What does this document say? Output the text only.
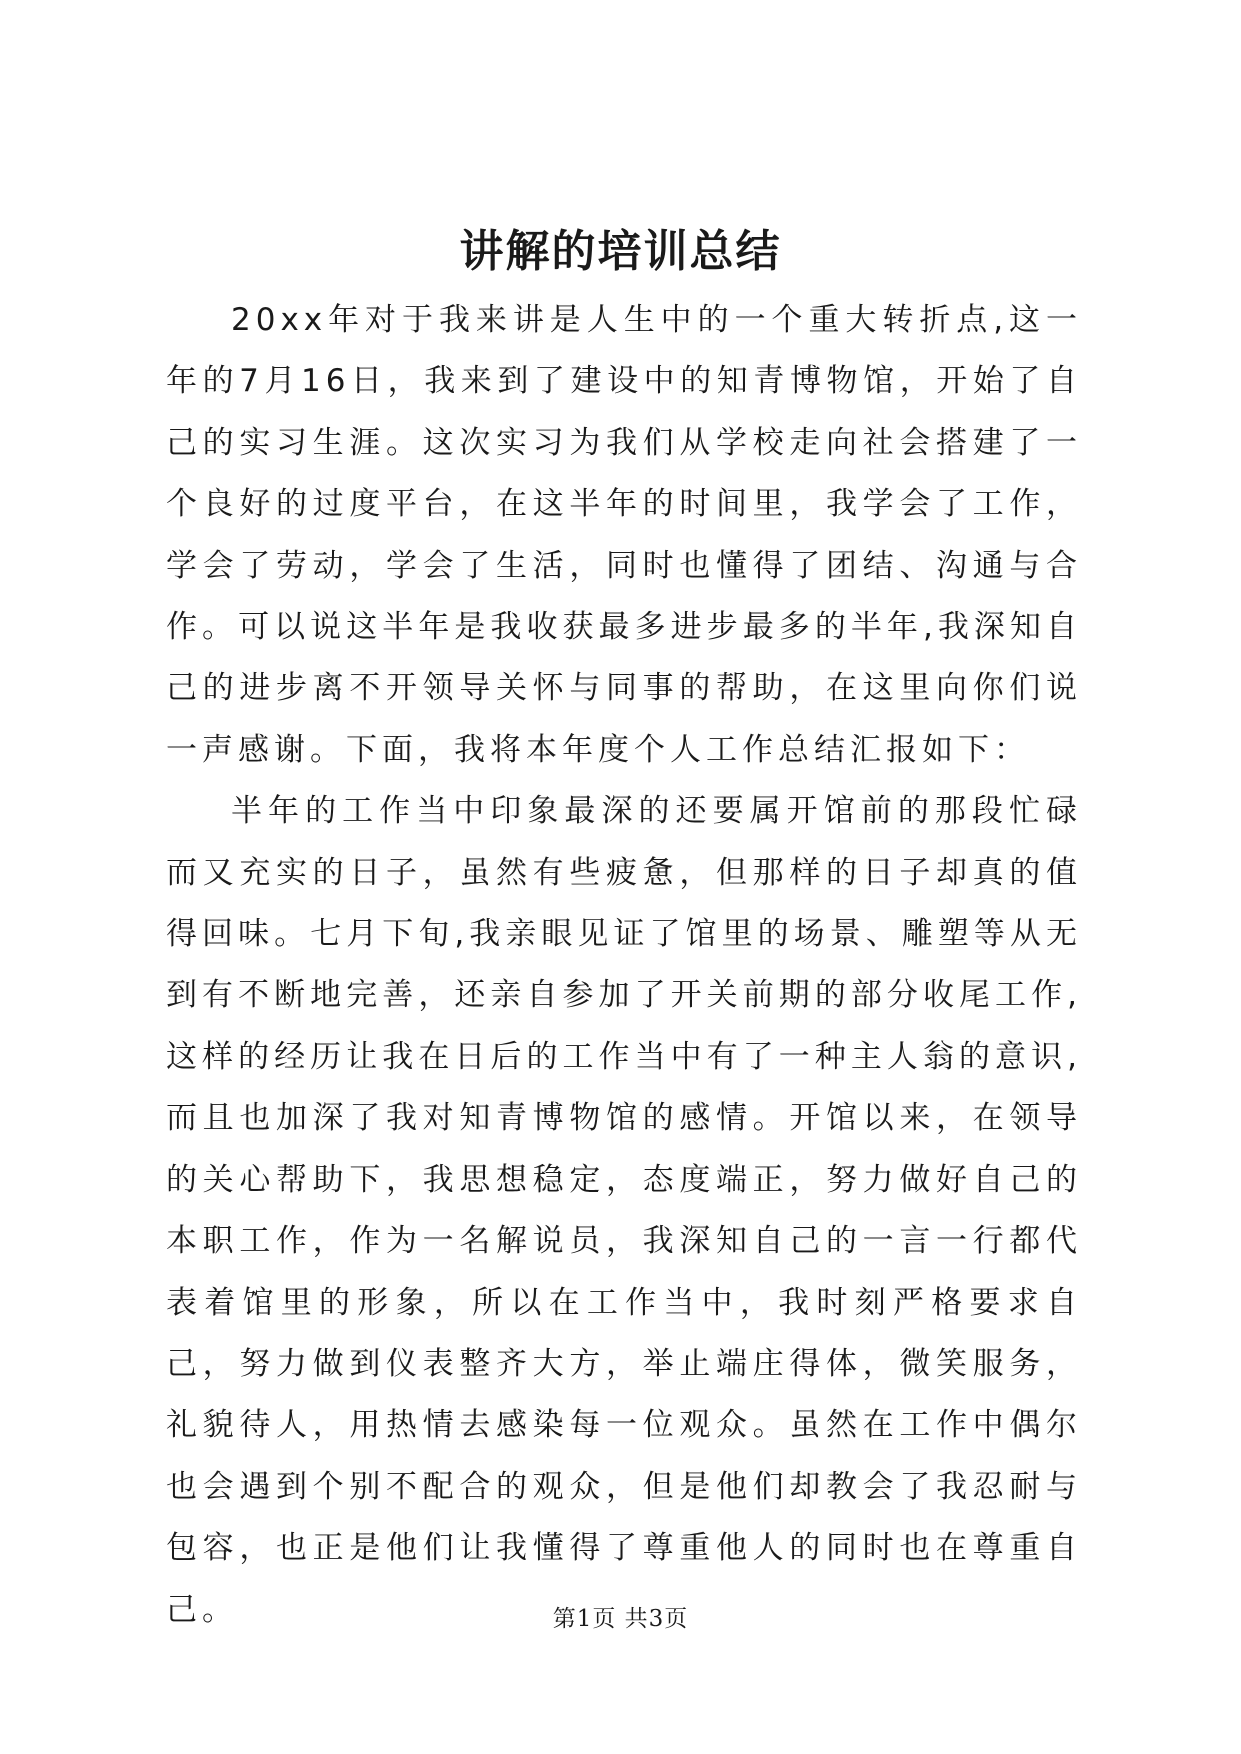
讲解的培训总结

20xx年对于我来讲是人生中的一个重大转折点,这一年的7月16日，我来到了建设中的知青博物馆，开始了自己的实习生涯。这次实习为我们从学校走向社会搭建了一个良好的过度平台，在这半年的时间里，我学会了工作，学会了劳动，学会了生活，同时也懂得了团结、沟通与合作。可以说这半年是我收获最多进步最多的半年,我深知自己的进步离不开领导关怀与同事的帮助，在这里向你们说一声感谢。下面，我将本年度个人工作总结汇报如下：

半年的工作当中印象最深的还要属开馆前的那段忙碌而又充实的日子，虽然有些疲惫，但那样的日子却真的值得回味。七月下旬,我亲眼见证了馆里的场景、雕塑等从无到有不断地完善，还亲自参加了开关前期的部分收尾工作,这样的经历让我在日后的工作当中有了一种主人翁的意识,而且也加深了我对知青博物馆的感情。开馆以来，在领导的关心帮助下，我思想稳定，态度端正，努力做好自己的本职工作，作为一名解说员，我深知自己的一言一行都代表着馆里的形象，所以在工作当中，我时刻严格要求自己，努力做到仪表整齐大方，举止端庄得体，微笑服务，礼貌待人，用热情去感染每一位观众。虽然在工作中偶尔也会遇到个别不配合的观众，但是他们却教会了我忍耐与包容，也正是他们让我懂得了尊重他人的同时也在尊重自己。	第1页 共3页
